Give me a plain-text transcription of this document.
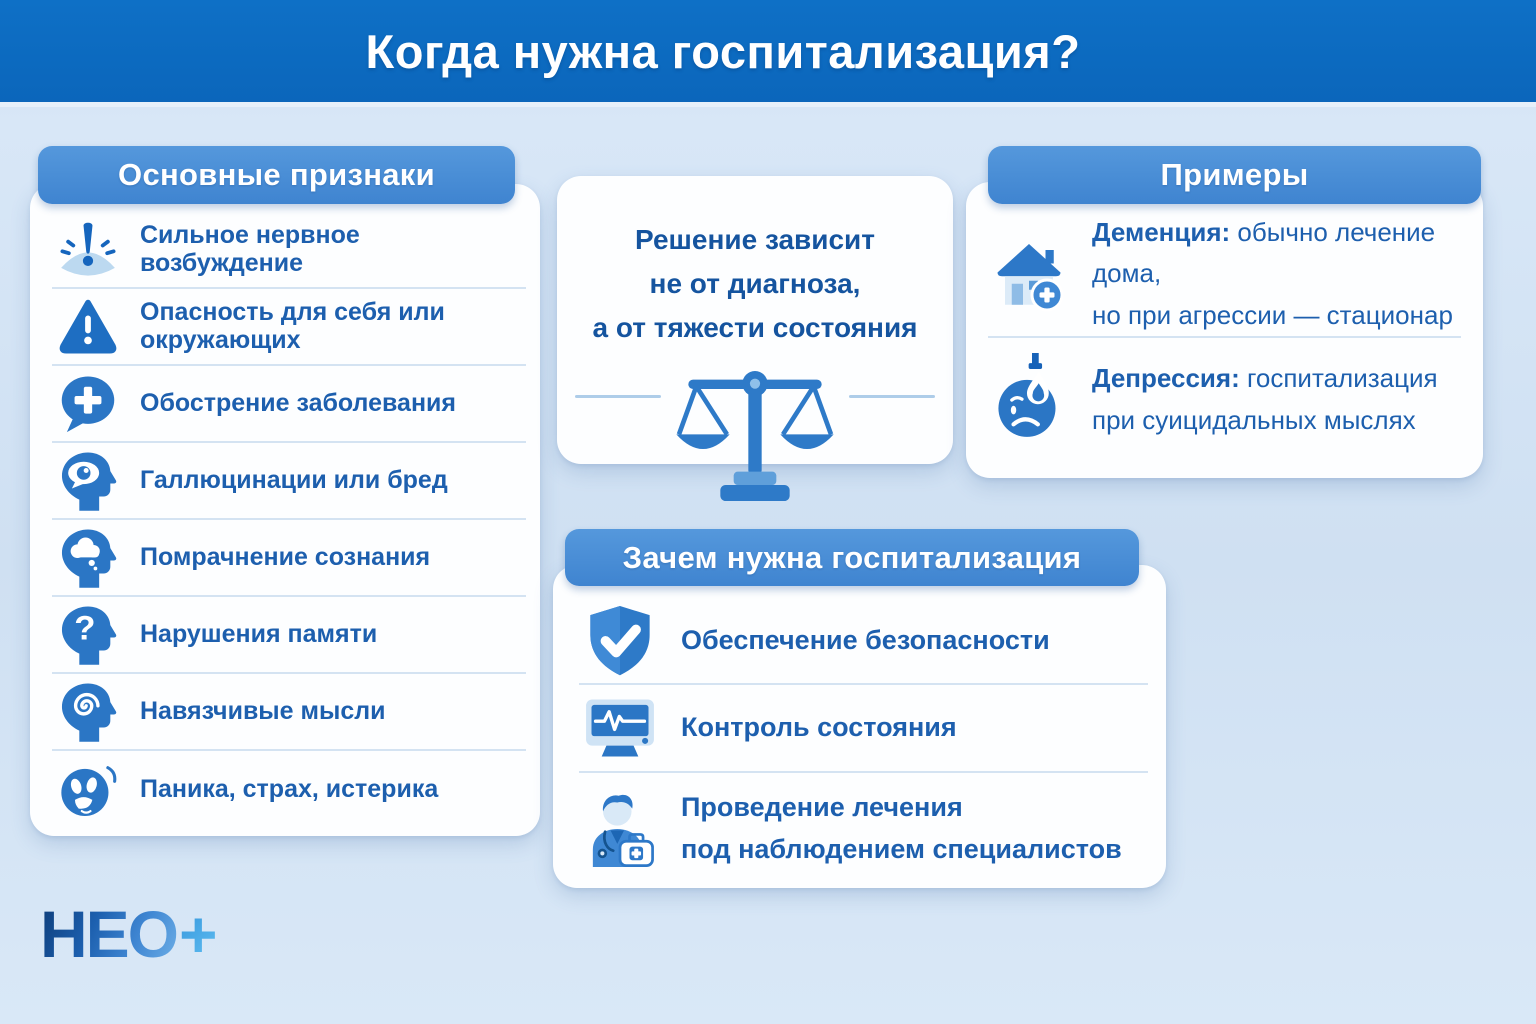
Когда нужна госпитализация?
Основные признаки
Сильное нервное возбуждение
Опасность для себя или окружающих
Обострение заболевания
Галлюцинации или бред
Помрачнение сознания
? Нарушения памяти
Навязчивые мысли
Паника, страх, истерика
Решение зависит
не от диагноза,
а от тяжести состояния
Примеры
Деменция: обычно лечение дома,
но при агрессии — стационар
Депрессия: госпитализация
при суицидальных мыслях
Зачем нужна госпитализация
Обеспечение безопасности
Контроль состояния
Проведение лечения
под наблюдением специалистов
НЕО +
